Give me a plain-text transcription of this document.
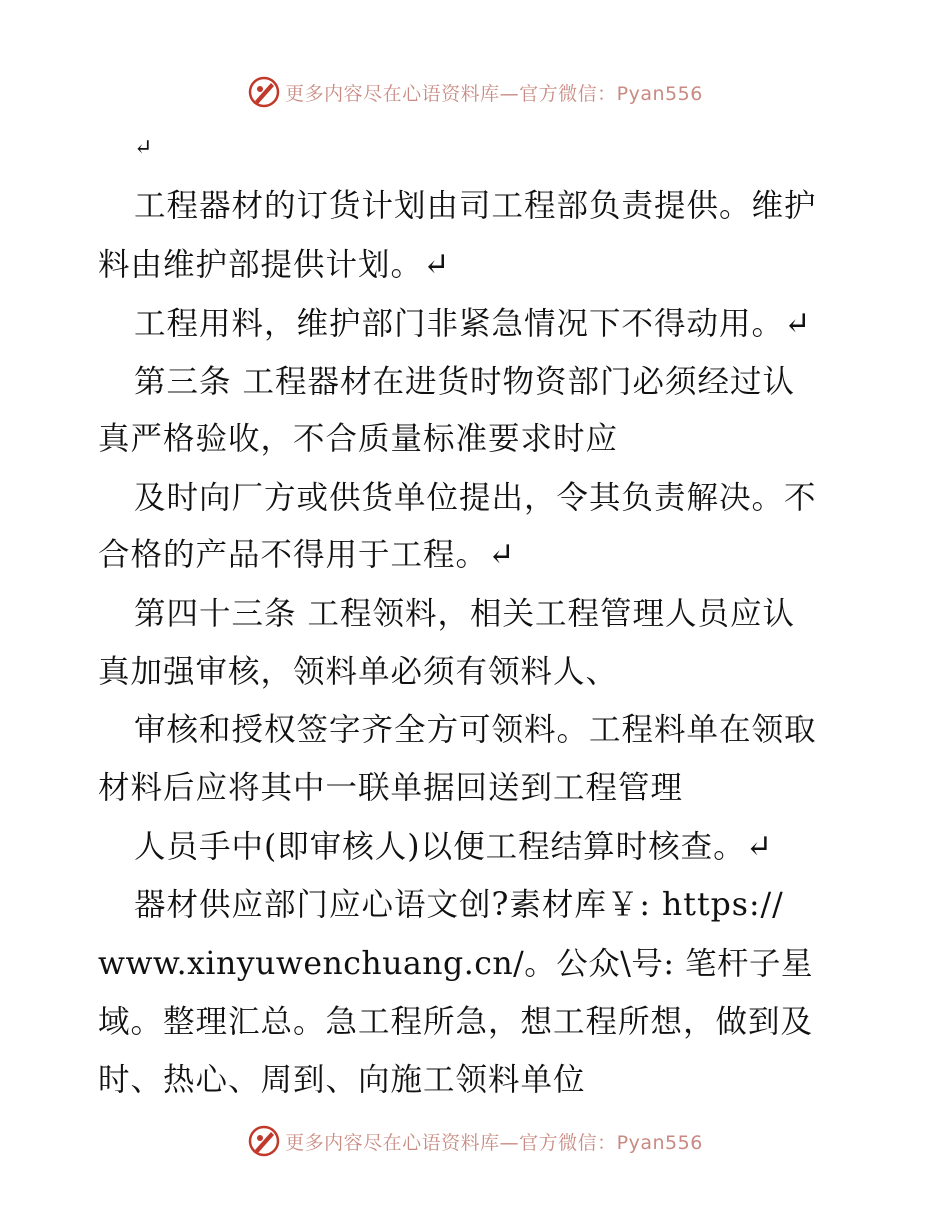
更多内容尽在心语资料库—官方微信：Pyan556
↵
工程器材的订货计划由司工程部负责提供。维护
料由维护部提供计划。↵
工程用料，维护部门非紧急情况下不得动用。↵
第三条 工程器材在进货时物资部门必须经过认
真严格验收，不合质量标准要求时应
及时向厂方或供货单位提出，令其负责解决。不
合格的产品不得用于工程。↵
第四十三条 工程领料，相关工程管理人员应认
真加强审核，领料单必须有领料人、
审核和授权签字齐全方可领料。工程料单在领取
材料后应将其中一联单据回送到工程管理
人员手中(即审核人)以便工程结算时核查。↵
器材供应部门应心语文创?素材库￥: https://
www.xinyuwenchuang.cn/。公众\号: 笔杆子星
域。整理汇总。急工程所急，想工程所想，做到及
时、热心、周到、向施工领料单位
更多内容尽在心语资料库—官方微信：Pyan556
